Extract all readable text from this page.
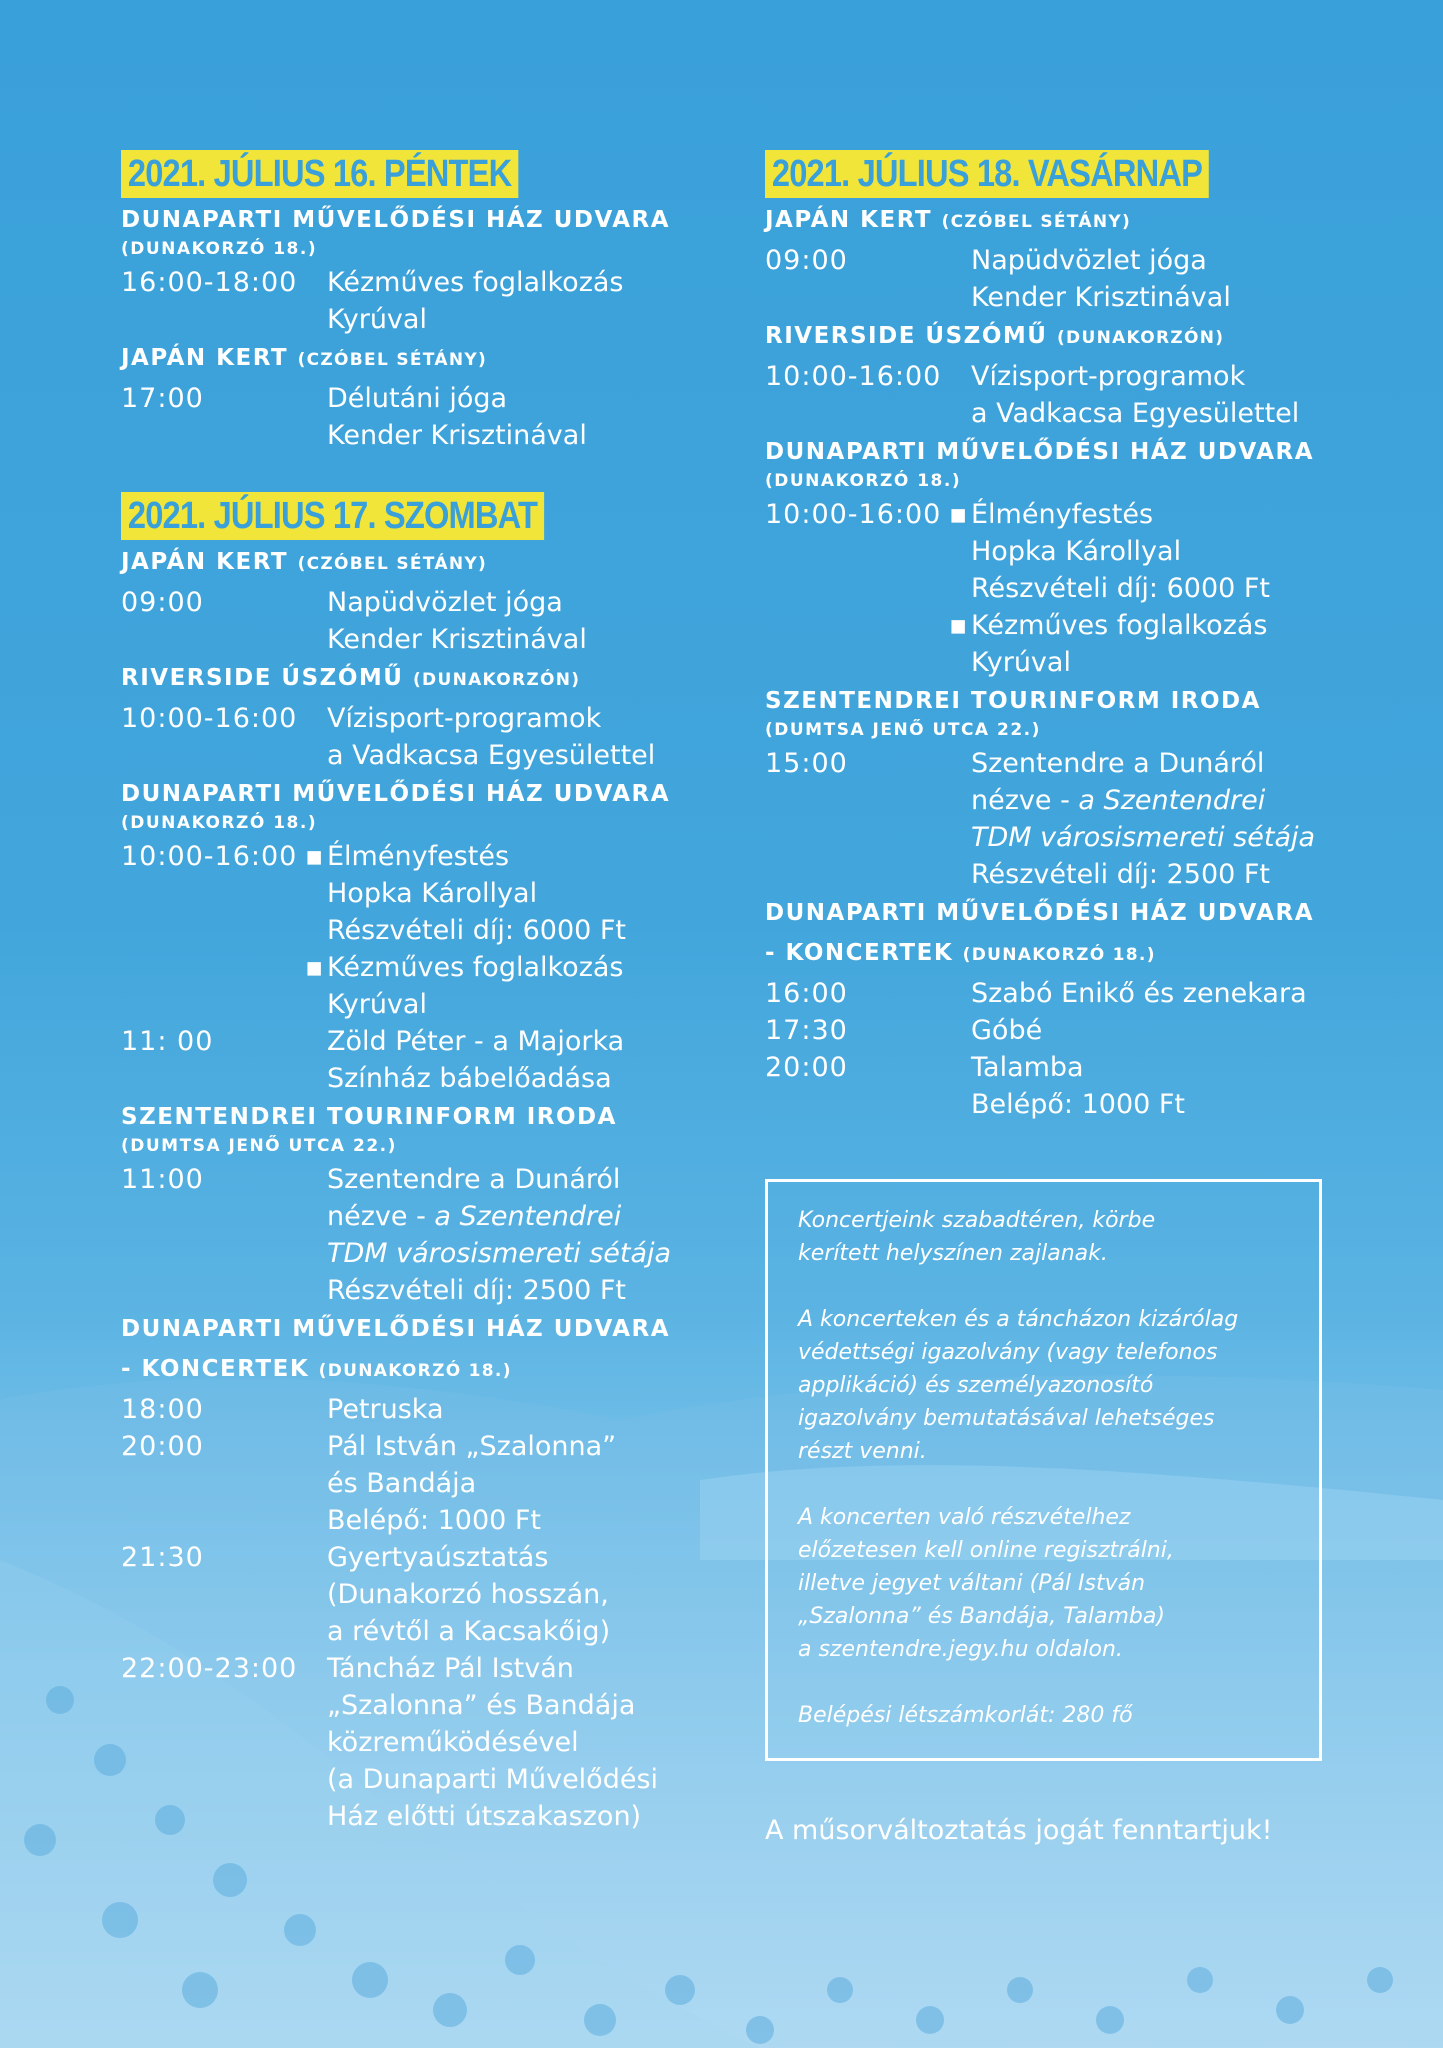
2021. JÚLIUS 16. PÉNTEK
DUNAPARTI MŰVELŐDÉSI HÁZ UDVARA
(DUNAKORZÓ 18.)
16:00-18:00	Kézműves foglalkozás
Kyrúval
JAPÁN KERT (CZÓBEL SÉTÁNY)
17:00	Délutáni jóga
Kender Krisztinával
2021. JÚLIUS 17. SZOMBAT
JAPÁN KERT (CZÓBEL SÉTÁNY)
09:00	Napüdvözlet jóga
Kender Krisztinával
RIVERSIDE ÚSZÓMŰ (DUNAKORZÓN)
10:00-16:00	Vízisport-programok
a Vadkacsa Egyesülettel
DUNAPARTI MŰVELŐDÉSI HÁZ UDVARA
(DUNAKORZÓ 18.)
10:00-16:00 ▪ Élményfestés
Hopka Károllyal
Részvételi díj: 6000 Ft
▪ Kézműves foglalkozás
Kyrúval
11: 00	Zöld Péter - a Majorka
Színház bábelőadása
SZENTENDREI TOURINFORM IRODA
(DUMTSA JENŐ UTCA 22.)
11:00	Szentendre a Dunáról
nézve - a Szentendrei
TDM városismereti sétája
Részvételi díj: 2500 Ft
DUNAPARTI MŰVELŐDÉSI HÁZ UDVARA
- KONCERTEK (DUNAKORZÓ 18.)
18:00	Petruska
20:00	Pál István „Szalonna”
és Bandája
Belépő: 1000 Ft
21:30	Gyertyaúsztatás
(Dunakorzó hosszán,
a révtől a Kacsakőig)
22:00-23:00	Táncház Pál István
„Szalonna” és Bandája
közreműködésével
(a Dunaparti Művelődési
Ház előtti útszakaszon)
2021. JÚLIUS 18. VASÁRNAP
JAPÁN KERT (CZÓBEL SÉTÁNY)
09:00	Napüdvözlet jóga
Kender Krisztinával
RIVERSIDE ÚSZÓMŰ (DUNAKORZÓN)
10:00-16:00	Vízisport-programok
a Vadkacsa Egyesülettel
DUNAPARTI MŰVELŐDÉSI HÁZ UDVARA
(DUNAKORZÓ 18.)
10:00-16:00 ▪ Élményfestés
Hopka Károllyal
Részvételi díj: 6000 Ft
▪ Kézműves foglalkozás
Kyrúval
SZENTENDREI TOURINFORM IRODA
(DUMTSA JENŐ UTCA 22.)
15:00	Szentendre a Dunáról
nézve - a Szentendrei
TDM városismereti sétája
Részvételi díj: 2500 Ft
DUNAPARTI MŰVELŐDÉSI HÁZ UDVARA
- KONCERTEK (DUNAKORZÓ 18.)
16:00	Szabó Enikő és zenekara
17:30	Góbé
20:00	Talamba
Belépő: 1000 Ft

Koncertjeink szabadtéren, körbe
kerített helyszínen zajlanak.

A koncerteken és a táncházon kizárólag
védettségi igazolvány (vagy telefonos
applikáció) és személyazonosító
igazolvány bemutatásával lehetséges
részt venni.

A koncerten való részvételhez
előzetesen kell online regisztrálni,
illetve jegyet váltani (Pál István
„Szalonna” és Bandája, Talamba)
a szentendre.jegy.hu oldalon.

Belépési létszámkorlát: 280 fő

A műsorváltoztatás jogát fenntartjuk!
